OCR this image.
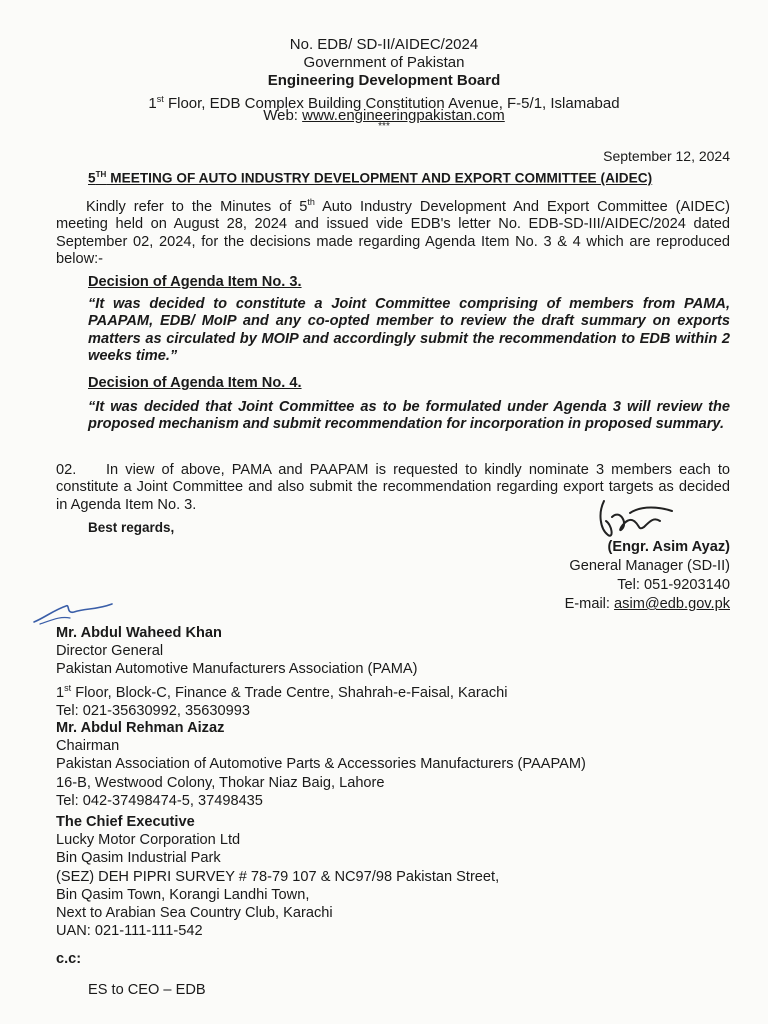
No. EDB/ SD-II/AIDEC/2024
Government of Pakistan
Engineering Development Board
1st Floor, EDB Complex Building Constitution Avenue, F-5/1, Islamabad
Web: www.engineeringpakistan.com
***
September 12, 2024
5TH MEETING OF AUTO INDUSTRY DEVELOPMENT AND EXPORT COMMITTEE (AIDEC)
Kindly refer to the Minutes of 5th Auto Industry Development And Export Committee (AIDEC) meeting held on August 28, 2024 and issued vide EDB's letter No. EDB-SD-III/AIDEC/2024 dated September 02, 2024, for the decisions made regarding Agenda Item No. 3 & 4 which are reproduced below:-
Decision of Agenda Item No. 3.
“It was decided to constitute a Joint Committee comprising of members from PAMA, PAAPAM, EDB/ MoIP and any co-opted member to review the draft summary on exports matters as circulated by MOIP and accordingly submit the recommendation to EDB within 2 weeks time.”
Decision of Agenda Item No. 4.
“It was decided that Joint Committee as to be formulated under Agenda 3 will review the proposed mechanism and submit recommendation for incorporation in proposed summary.
02. In view of above, PAMA and PAAPAM is requested to kindly nominate 3 members each to constitute a Joint Committee and also submit the recommendation regarding export targets as decided in Agenda Item No. 3.
Best regards,
(Engr. Asim Ayaz)
General Manager (SD-II)
Tel: 051-9203140
E-mail: asim@edb.gov.pk
Mr. Abdul Waheed Khan
Director General
Pakistan Automotive Manufacturers Association (PAMA)
1st Floor, Block-C, Finance & Trade Centre, Shahrah-e-Faisal, Karachi
Tel: 021-35630992, 35630993
Mr. Abdul Rehman Aizaz
Chairman
Pakistan Association of Automotive Parts & Accessories Manufacturers (PAAPAM)
16-B, Westwood Colony, Thokar Niaz Baig, Lahore
Tel: 042-37498474-5, 37498435
The Chief Executive
Lucky Motor Corporation Ltd
Bin Qasim Industrial Park
(SEZ) DEH PIPRI SURVEY # 78-79 107 & NC97/98 Pakistan Street,
Bin Qasim Town, Korangi Landhi Town,
Next to Arabian Sea Country Club, Karachi
UAN: 021-111-111-542
c.c:
ES to CEO – EDB
